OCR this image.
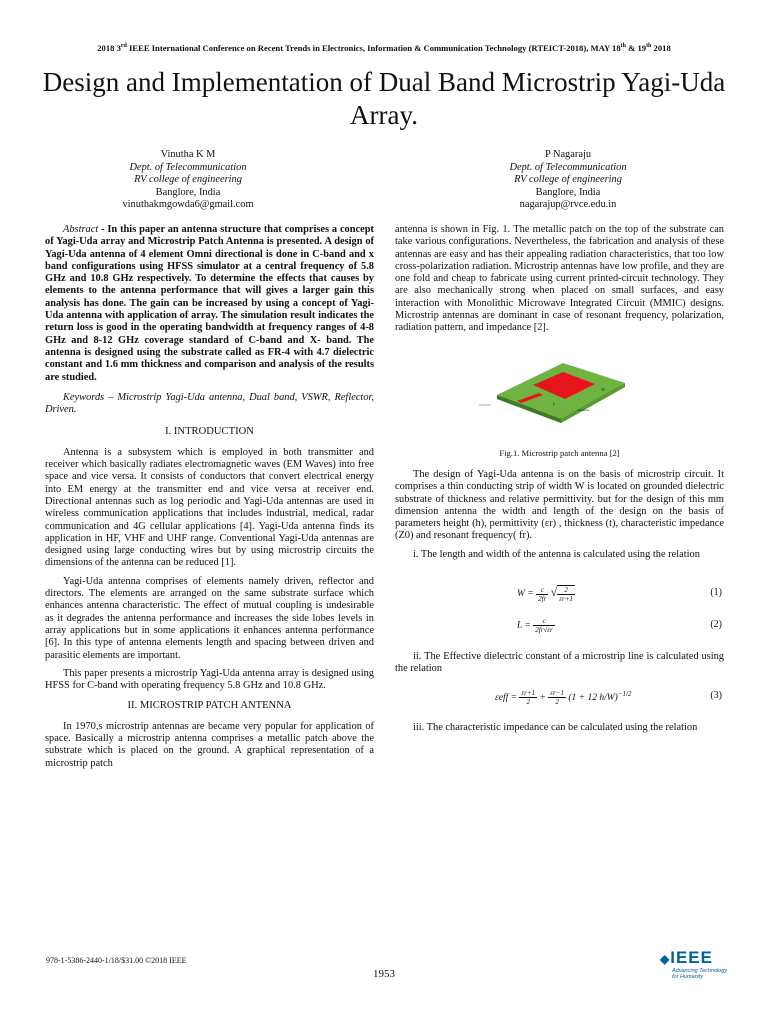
2018 3rd IEEE International Conference on Recent Trends in Electronics, Information & Communication Technology (RTEICT-2018), MAY 18th & 19th 2018
Design and Implementation of Dual Band Microstrip Yagi-Uda Array.
Vinutha K M
Dept. of Telecommunication
RV college of engineering
Banglore, India
vinuthakmgowda6@gmail.com
P Nagaraju
Dept. of Telecommunication
RV college of engineering
Banglore, India
nagarajup@rvce.edu.in

Abstract - In this paper an antenna structure that comprises a concept of Yagi-Uda array and Microstrip Patch Antenna is presented. A design of Yagi-Uda antenna of 4 element Omni directional is done in C-band and x band configurations using HFSS simulator at a central frequency of 5.8 GHz and 10.8 GHz respectively. To determine the effects that causes by elements to the antenna performance that will gives a larger gain this analysis has done. The gain can be increased by using a concept of Yagi-Uda antenna with application of array. The simulation result indicates the return loss is good in the operating bandwidth at frequency ranges of 4-8 GHz and 8-12 GHz coverage standard of C-band and X- band. The antenna is designed using the substrate called as FR-4 with 4.7 dielectric constant and 1.6 mm thickness and comparison and analysis of the results are studied.

Keywords – Microstrip Yagi-Uda antenna, Dual band, VSWR, Reflector, Driven.

I. INTRODUCTION

Antenna is a subsystem which is employed in both transmitter and receiver which basically radiates electromagnetic waves (EM Waves) into free space and vice versa. It consists of conductors that convert electrical energy into EM energy at the transmitter end and vice versa at receiver end. Directional antennas such as log periodic and Yagi-Uda antennas are used in wireless communication applications that includes industrial, medical, radar communication and 4G cellular applications [4]. Yagi-Uda antenna finds its application in HF, VHF and UHF range. Conventional Yagi-Uda antennas are designed using large conducting wires but by using microstrip circuits the dimensions of the antenna can be reduced [1].

Yagi-Uda antenna comprises of elements namely driven, reflector and directors. The elements are arranged on the same substrate surface which enhances antenna characteristic. The effect of mutual coupling is undesirable as it degrades the antenna performance and increases the side lobes levels in array applications but in some applications it enhances antenna performance [6]. In this type of antenna elements length and spacing between driven and parasitic elements are important.

This paper presents a microstrip Yagi-Uda antenna array is designed using HFSS for C-band with operating frequency 5.8 GHz and 10.8 GHz.

II. MICROSTRIP PATCH ANTENNA

In 1970,s microstrip antennas are became very popular for application of space. Basically a microstrip antenna comprises a metallic patch above the substrate which is placed on the ground. A graphical representation of a microstrip patch

antenna is shown in Fig. 1. The metallic patch on the top of the substrate can take various configurations. Nevertheless, the fabrication and analysis of these antennas are easy and has their appealing radiation characteristics, that too low cross-polarization radiation. Microstrip antennas have low profile, and they are one fold and cheap to fabricate using current printed-circuit technology. They are also mechanically strong when placed on small surfaces, and easy interaction with Monolithic Microwave Integrated Circuit (MMIC) designs. Microstrip antennas are dominant in case of resonant frequency, polarization, radiation pattern, and impedance [2].

W
L
substrate
Fig.1. Microstrip patch antenna [2]

The design of Yagi-Uda antenna is on the basis of microstrip circuit. It comprises a thin conducting strip of width W is located on grounded dielectric substrate of thickness and relative permittivity. but for the design of this mm dimension antenna the width and length of the design on the basis of parameters height (h), permittivity (εr) , thickness (t), characteristic impedance (Z0) and resonant frequency( fr).

i. The length and width of the antenna is calculated using the relation

$W = \frac{c}{2fr}$ √ $\frac{2}{\varepsilon r+1}$	(1)
$L = \frac{c}{2fr√\varepsilon r}$	(2)

ii. The Effective dielectric constant of a microstrip line is calculated using the relation

$\varepsilon eff = \frac{\varepsilon r+1}{2} + \frac{\varepsilon r-1}{2} (1 + 12$ h/W)$^{-1/2}$	(3)

iii. The characteristic impedance can be calculated using the relation

978-1-5386-2440-1/18/$31.00 ©2018 IEEE
1953
◆IEEE
Advancing Technology
for Humanity
